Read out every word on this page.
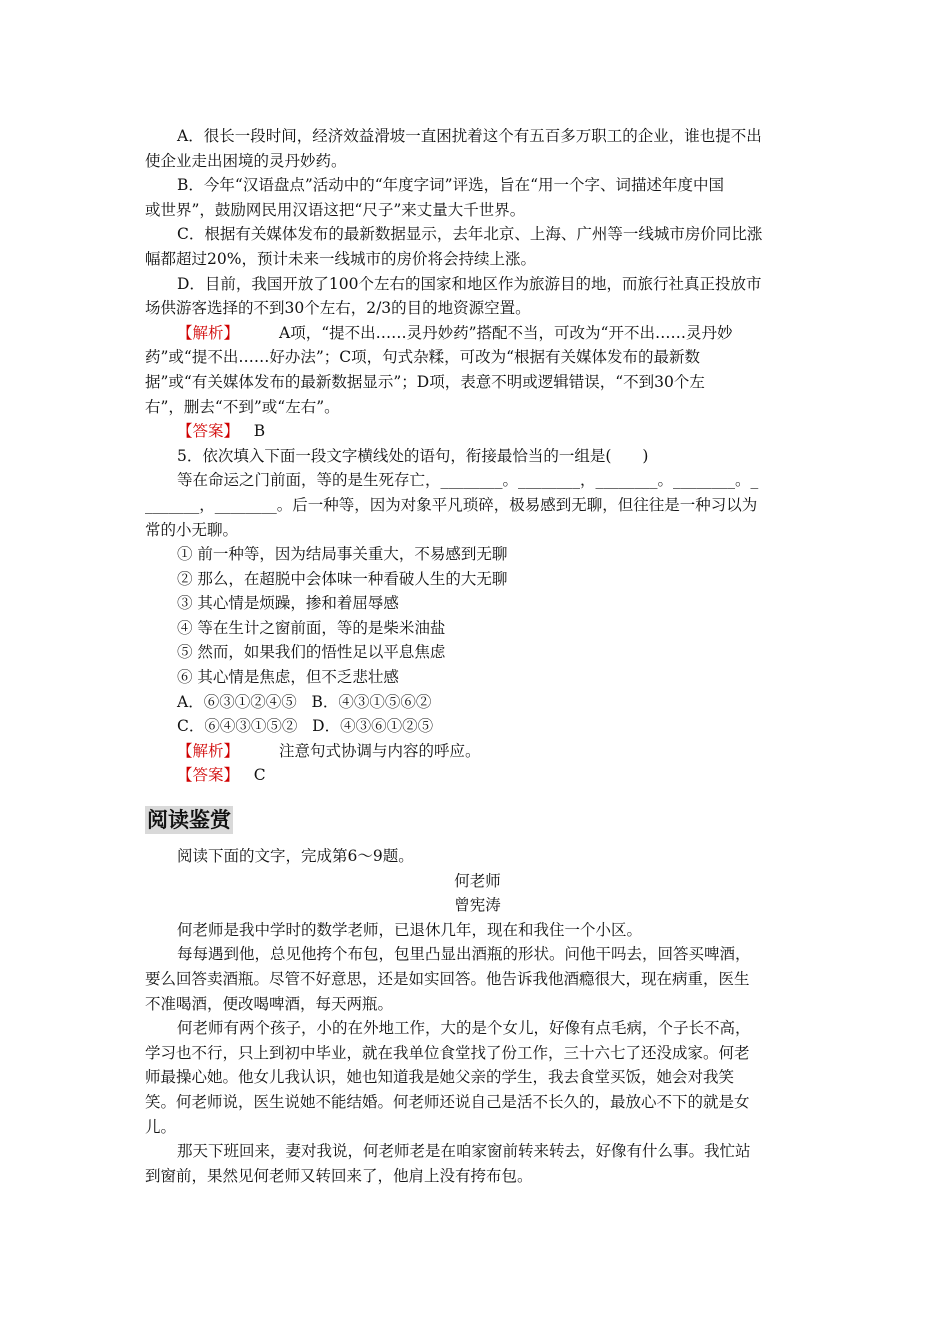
A．很长一段时间，经济效益滑坡一直困扰着这个有五百多万职工的企业，谁也提不出
使企业走出困境的灵丹妙药。
B．今年“汉语盘点”活动中的“年度字词”评选，旨在“用一个字、词描述年度中国
或世界”，鼓励网民用汉语这把“尺子”来丈量大千世界。
C．根据有关媒体发布的最新数据显示，去年北京、上海、广州等一线城市房价同比涨
幅都超过20%，预计未来一线城市的房价将会持续上涨。
D．目前，我国开放了100个左右的国家和地区作为旅游目的地，而旅行社真正投放市
场供游客选择的不到30个左右，2/3的目的地资源空置。
【解析】	A项，“提不出……灵丹妙药”搭配不当，可改为“开不出……灵丹妙
药”或“提不出……好办法”；C项，句式杂糅，可改为“根据有关媒体发布的最新数
据”或“有关媒体发布的最新数据显示”；D项，表意不明或逻辑错误，“不到30个左
右”，删去“不到”或“左右”。
【答案】 B
5．依次填入下面一段文字横线处的语句，衔接最恰当的一组是(　　)
等在命运之门前面，等的是生死存亡，________。________，________。________。_
_______，________。后一种等，因为对象平凡琐碎，极易感到无聊，但往往是一种习以为
常的小无聊。
① 前一种等，因为结局事关重大，不易感到无聊
② 那么，在超脱中会体味一种看破人生的大无聊
③ 其心情是烦躁，掺和着屈辱感
④ 等在生计之窗前面，等的是柴米油盐
⑤ 然而，如果我们的悟性足以平息焦虑
⑥ 其心情是焦虑，但不乏悲壮感
A．⑥③①②④⑤ B．④③①⑤⑥②
C．⑥④③①⑤② D．④③⑥①②⑤
【解析】	注意句式协调与内容的呼应。
【答案】 C
阅读鉴赏
阅读下面的文字，完成第6～9题。
何老师
曾宪涛
何老师是我中学时的数学老师，已退休几年，现在和我住一个小区。
每每遇到他，总见他挎个布包，包里凸显出酒瓶的形状。问他干吗去，回答买啤酒，
要么回答卖酒瓶。尽管不好意思，还是如实回答。他告诉我他酒瘾很大，现在病重，医生
不准喝酒，便改喝啤酒，每天两瓶。
何老师有两个孩子，小的在外地工作，大的是个女儿，好像有点毛病，个子长不高，
学习也不行，只上到初中毕业，就在我单位食堂找了份工作，三十六七了还没成家。何老
师最操心她。他女儿我认识，她也知道我是她父亲的学生，我去食堂买饭，她会对我笑
笑。何老师说，医生说她不能结婚。何老师还说自己是活不长久的，最放心不下的就是女
儿。
那天下班回来，妻对我说，何老师老是在咱家窗前转来转去，好像有什么事。我忙站
到窗前，果然见何老师又转回来了，他肩上没有挎布包。
